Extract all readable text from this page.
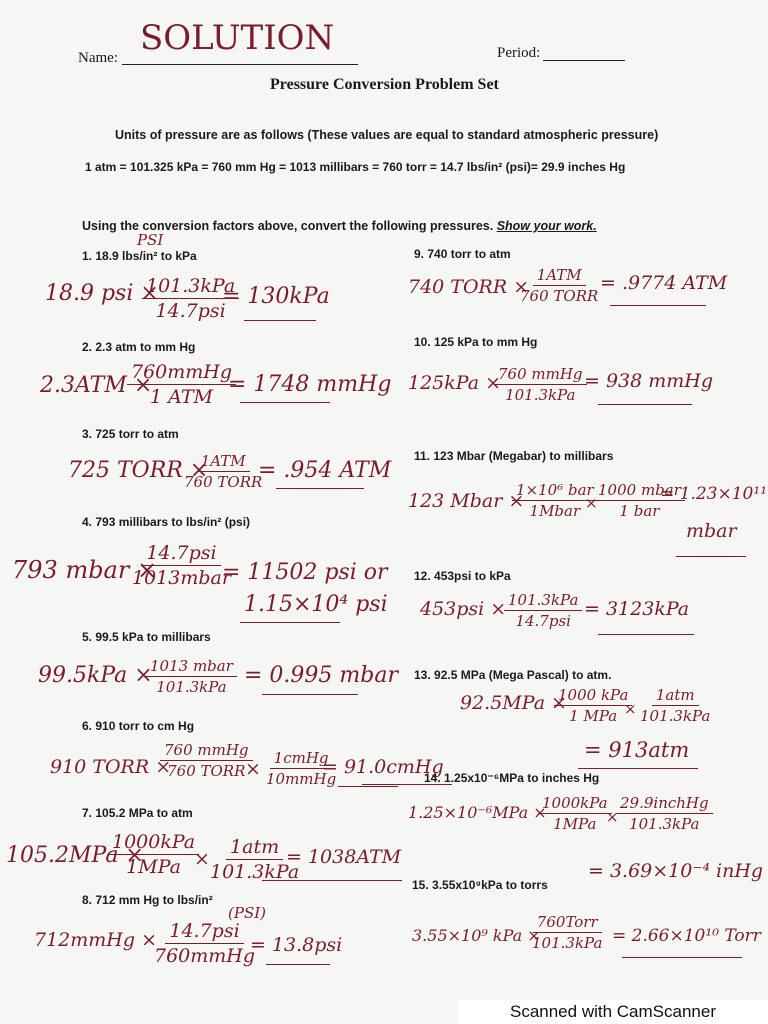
Name: SOLUTION	Period:
Pressure Conversion Problem Set
Units of pressure are as follows (These values are equal to standard atmospheric pressure)
1 atm = 101.325 kPa = 760 mm Hg = 1013 millibars = 760 torr = 14.7 lbs/in² (psi)= 29.9 inches Hg
Using the conversion factors above, convert the following pressures. Show your work.
1. 18.9 lbs/in² to kPa
PSI
18.9 psi ×
101.3kPa
14.7psi
= 130kPa
2. 2.3 atm to mm Hg
2.3ATM ×
760mmHg
1 ATM = 1748 mmHg
3. 725 torr to atm
725 TORR ×
1ATM
760 TORR
= .954 ATM
4. 793 millibars to lbs/in² (psi)
793 mbar ×
14.7psi
1013mbar
= 11502 psi or
1.15×10⁴ psi
5. 99.5 kPa to millibars
99.5kPa ×
1013 mbar
101.3kPa = 0.995 mbar
6. 910 torr to cm Hg
910 TORR ×
760 mmHg
760 TORR × 1cmHg
10mmHg
= 91.0cmHg
7. 105.2 MPa to atm
105.2MPa ×
1000kPa
1MPa ×
1atm
101.3kPa
= 1038ATM
8. 712 mm Hg to lbs/in²
(PSI)
712mmHg × 14.7psi
760mmHg
= 13.8psi
9. 740 torr to atm
740 TORR ×
1ATM
760 TORR
= .9774 ATM
10. 125 kPa to mm Hg
125kPa ×
760 mmHg
101.3kPa
= 938 mmHg
11. 123 Mbar (Megabar) to millibars
123 Mbar ×
1×10⁶ bar
1Mbar ×
1000 mbar
1 bar
= 1.23×10¹¹
mbar
12. 453psi to kPa
453psi × 101.3kPa
14.7psi
= 3123kPa
13. 92.5 MPa (Mega Pascal) to atm.
92.5MPa ×
1000 kPa
1 MPa ×
1atm
101.3kPa
= 913atm
14. 1.25x10⁻⁶MPa to inches Hg
1.25×10⁻⁶MPa ×
1000kPa
1MPa ×
29.9inchHg
101.3kPa
= 3.69×10⁻⁴ inHg
15. 3.55x10⁹kPa to torrs
3.55×10⁹ kPa ×
760Torr
101.3kPa = 2.66×10¹⁰ Torr
Scanned with CamScanner
